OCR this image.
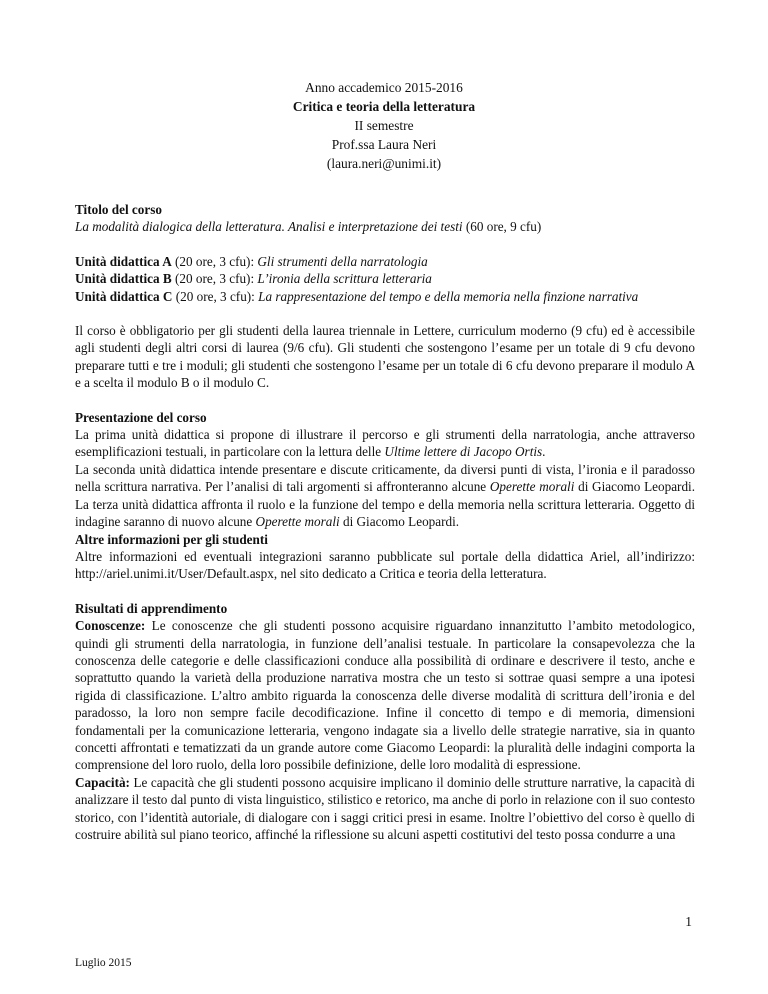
Anno accademico 2015-2016
Critica e teoria della letteratura
II semestre
Prof.ssa Laura Neri
(laura.neri@unimi.it)

Titolo del corso

La modalità dialogica della letteratura. Analisi e interpretazione dei testi (60 ore, 9 cfu)

Unità didattica A (20 ore, 3 cfu): Gli strumenti della narratologia

Unità didattica B (20 ore, 3 cfu): L’ironia della scrittura letteraria

Unità didattica C (20 ore, 3 cfu): La rappresentazione del tempo e della memoria nella finzione narrativa

Il corso è obbligatorio per gli studenti della laurea triennale in Lettere, curriculum moderno (9 cfu) ed è accessibile agli studenti degli altri corsi di laurea (9/6 cfu). Gli studenti che sostengono l’esame per un totale di 9 cfu devono preparare tutti e tre i moduli; gli studenti che sostengono l’esame per un totale di 6 cfu devono preparare il modulo A e a scelta il modulo B o il modulo C.

Presentazione del corso

La prima unità didattica si propone di illustrare il percorso e gli strumenti della narratologia, anche attraverso esemplificazioni testuali, in particolare con la lettura delle Ultime lettere di Jacopo Ortis.

La seconda unità didattica intende presentare e discute criticamente, da diversi punti di vista, l’ironia e il paradosso nella scrittura narrativa. Per l’analisi di tali argomenti si affronteranno alcune Operette morali di Giacomo Leopardi. La terza unità didattica affronta il ruolo e la funzione del tempo e della memoria nella scrittura letteraria. Oggetto di indagine saranno di nuovo alcune Operette morali di Giacomo Leopardi.

Altre informazioni per gli studenti

Altre informazioni ed eventuali integrazioni saranno pubblicate sul portale della didattica Ariel, all’indirizzo: http://ariel.unimi.it/User/Default.aspx, nel sito dedicato a Critica e teoria della letteratura.

Risultati di apprendimento

Conoscenze: Le conoscenze che gli studenti possono acquisire riguardano innanzitutto l’ambito metodologico, quindi gli strumenti della narratologia, in funzione dell’analisi testuale. In particolare la consapevolezza che la conoscenza delle categorie e delle classificazioni conduce alla possibilità di ordinare e descrivere il testo, anche e soprattutto quando la varietà della produzione narrativa mostra che un testo si sottrae quasi sempre a una ipotesi rigida di classificazione. L’altro ambito riguarda la conoscenza delle diverse modalità di scrittura dell’ironia e del paradosso, la loro non sempre facile decodificazione. Infine il concetto di tempo e di memoria, dimensioni fondamentali per la comunicazione letteraria, vengono indagate sia a livello delle strategie narrative, sia in quanto concetti affrontati e tematizzati da un grande autore come Giacomo Leopardi: la pluralità delle indagini comporta la comprensione del loro ruolo, della loro possibile definizione, delle loro modalità di espressione.

Capacità: Le capacità che gli studenti possono acquisire implicano il dominio delle strutture narrative, la capacità di analizzare il testo dal punto di vista linguistico, stilistico e retorico, ma anche di porlo in relazione con il suo contesto storico, con l’identità autoriale, di dialogare con i saggi critici presi in esame. Inoltre l’obiettivo del corso è quello di costruire abilità sul piano teorico, affinché la riflessione su alcuni aspetti costitutivi del testo possa condurre a una

1
Luglio 2015
